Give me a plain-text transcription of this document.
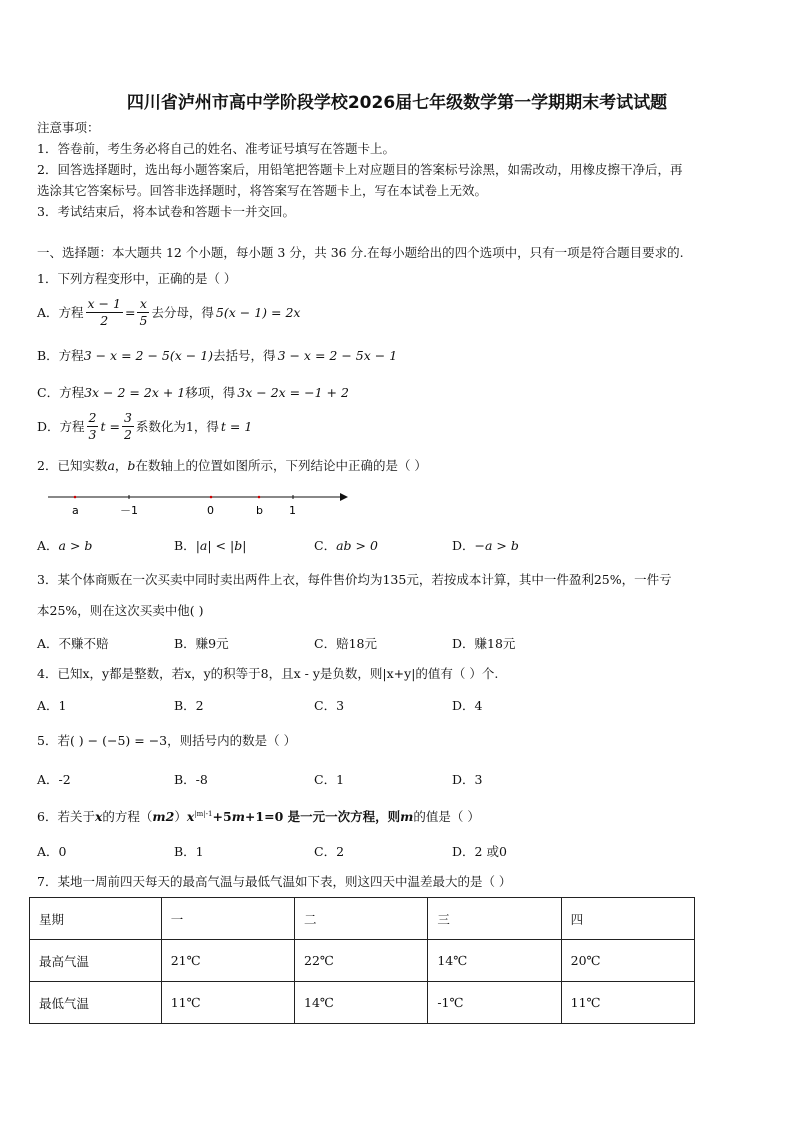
四川省泸州市高中学阶段学校2026届七年级数学第一学期期末考试试题
注意事项：
1．答卷前，考生务必将自己的姓名、准考证号填写在答题卡上。
2．回答选择题时，选出每小题答案后，用铅笔把答题卡上对应题目的答案标号涂黑，如需改动，用橡皮擦干净后，再
选涂其它答案标号。回答非选择题时，将答案写在答题卡上，写在本试卷上无效。
3．考试结束后，将本试卷和答题卡一并交回。
一、选择题：本大题共 12 个小题，每小题 3 分，共 36 分.在每小题给出的四个选项中，只有一项是符合题目要求的.
1．下列方程变形中，正确的是（ ）
A．方程 $\frac{x - 1}{2} = \frac{x}{5}$ 去分母，得 5(x − 1) = 2x
B．方程3 − x = 2 − 5(x − 1)去括号，得 3 − x = 2 − 5x − 1
C．方程3x − 2 = 2x + 1移项，得 3x − 2x = −1 + 2
D．方程 $\frac{2}{3}$ $t = \frac{3}{2}$ 系数化为1，得 t = 1
2．已知实数a，b在数轴上的位置如图所示，下列结论中正确的是（ ）
a	－1	0	b 1
A．a > b	B．|a| < |b|	C．ab > 0	D．−a > b
3．某个体商贩在一次买卖中同时卖出两件上衣，每件售价均为135元，若按成本计算，其中一件盈利25%，一件亏
本25%，则在这次买卖中他( )
A．不赚不赔	B．赚9元	C．赔18元	D．赚18元
4．已知x，y都是整数，若x，y的积等于8，且x - y是负数，则|x+y|的值有（ ）个.
A．1	B．2	C．3	D．4
5．若( ) − (−5) = −3，则括号内的数是（ ）
A．-2	B．-8	C．1	D．3
6．若关于x的方程$(m2)x^{|m|-1}+5m+1=0$ 是一元一次方程，则m的值是（ ）
A．0	B．1	C．2	D．2 或0
7．某地一周前四天每天的最高气温与最低气温如下表，则这四天中温差最大的是（ ）
星期	一	二	三	四
最高气温	21℃	22℃	14℃	20℃
最低气温	11℃	14℃	-1℃	11℃
